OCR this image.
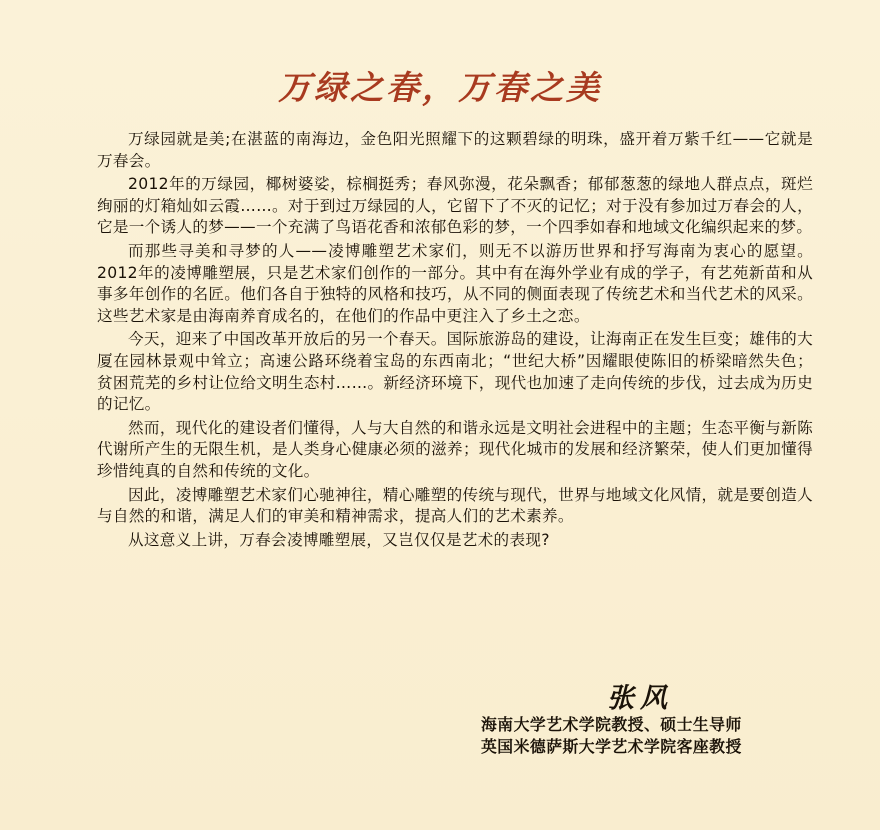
万绿之春，万春之美

万绿园就是美;在湛蓝的南海边，金色阳光照耀下的这颗碧绿的明珠，盛开着万紫千红——它就是万春会。

2012年的万绿园，椰树婆娑，棕榈挺秀；春风弥漫，花朵飘香；郁郁葱葱的绿地人群点点，斑烂绚丽的灯箱灿如云霞……。对于到过万绿园的人，它留下了不灭的记忆；对于没有参加过万春会的人，它是一个诱人的梦——一个充满了鸟语花香和浓郁色彩的梦，一个四季如春和地域文化编织起来的梦。

而那些寻美和寻梦的人——凌博雕塑艺术家们，则无不以游历世界和抒写海南为衷心的愿望。2012年的凌博雕塑展，只是艺术家们创作的一部分。其中有在海外学业有成的学子，有艺苑新苗和从事多年创作的名匠。他们各自于独特的风格和技巧，从不同的侧面表现了传统艺术和当代艺术的风采。这些艺术家是由海南养育成名的，在他们的作品中更注入了乡土之恋。

今天，迎来了中国改革开放后的另一个春天。国际旅游岛的建设，让海南正在发生巨变；雄伟的大厦在园林景观中耸立；高速公路环绕着宝岛的东西南北；“世纪大桥”因耀眼使陈旧的桥梁暗然失色；贫困荒芜的乡村让位给文明生态村……。新经济环境下，现代也加速了走向传统的步伐，过去成为历史的记忆。

然而，现代化的建设者们懂得，人与大自然的和谐永远是文明社会进程中的主题；生态平衡与新陈代谢所产生的无限生机，是人类身心健康必须的滋养；现代化城市的发展和经济繁荣，使人们更加懂得珍惜纯真的自然和传统的文化。

因此，凌博雕塑艺术家们心驰神往，精心雕塑的传统与现代，世界与地域文化风情，就是要创造人与自然的和谐，满足人们的审美和精神需求，提高人们的艺术素养。

从这意义上讲，万春会凌博雕塑展，又岂仅仅是艺术的表现?

张风

海南大学艺术学院教授、硕士生导师

英国米德萨斯大学艺术学院客座教授
